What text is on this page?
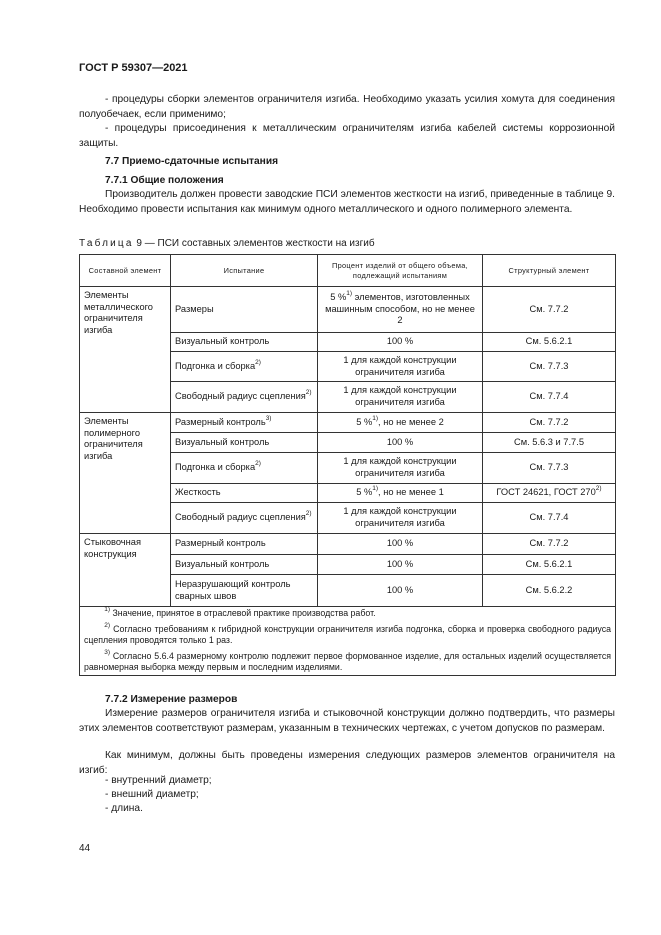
ГОСТ Р 59307—2021
- процедуры сборки элементов ограничителя изгиба. Необходимо указать усилия хомута для соединения полуобечаек, если применимо;
- процедуры присоединения к металлическим ограничителям изгиба кабелей системы коррозионной защиты.
7.7 Приемо-сдаточные испытания
7.7.1 Общие положения
Производитель должен провести заводские ПСИ элементов жесткости на изгиб, приведенные в таблице 9. Необходимо провести испытания как минимум одного металлического и одного полимерного элемента.
Таблица 9 — ПСИ составных элементов жесткости на изгиб
Составной элемент	Испытание	Процент изделий от общего объема, подлежащий испытаниям	Структурный элемент
Элементы металлического ограничителя изгиба	Размеры	5 %$^{1)}$ элементов, изготовленных машинным способом, но не менее 2	См. 7.7.2
	Визуальный контроль	100 %	См. 5.6.2.1
	Подгонка и сборка$^{2)}$	1 для каждой конструкции ограничителя изгиба	См. 7.7.3
	Свободный радиус сцепления$^{2)}$	1 для каждой конструкции ограничителя изгиба	См. 7.7.4
Элементы полимерного ограничителя изгиба	Размерный контроль$^{3)}$	5 %$^{1)}$, но не менее 2	См. 7.7.2
	Визуальный контроль	100 %	См. 5.6.3 и 7.7.5
	Подгонка и сборка$^{2)}$	1 для каждой конструкции ограничителя изгиба	См. 7.7.3
	Жесткость	5 %$^{1)}$, но не менее 1	ГОСТ 24621, ГОСТ 270$^{2)}$
	Свободный радиус сцепления$^{2)}$	1 для каждой конструкции ограничителя изгиба	См. 7.7.4
Стыковочная конструкция	Размерный контроль	100 %	См. 7.7.2
	Визуальный контроль	100 %	См. 5.6.2.1
	Неразрушающий контроль сварных швов	100 %	См. 5.6.2.2

$^{1)}$ Значение, принятое в отраслевой практике производства работ.
$^{2)}$ Согласно требованиям к гибридной конструкции ограничителя изгиба подгонка, сборка и проверка свободного радиуса сцепления проводятся только 1 раз.
$^{3)}$ Согласно 5.6.4 размерному контролю подлежит первое формованное изделие, для остальных изделий осуществляется равномерная выборка между первым и последним изделиями.			
7.7.2 Измерение размеров
Измерение размеров ограничителя изгиба и стыковочной конструкции должно подтвердить, что размеры этих элементов соответствуют размерам, указанным в технических чертежах, с учетом допусков по размерам.
Как минимум, должны быть проведены измерения следующих размеров элементов ограничителя на изгиб:
- внутренний диаметр;
- внешний диаметр;
- длина.
44
